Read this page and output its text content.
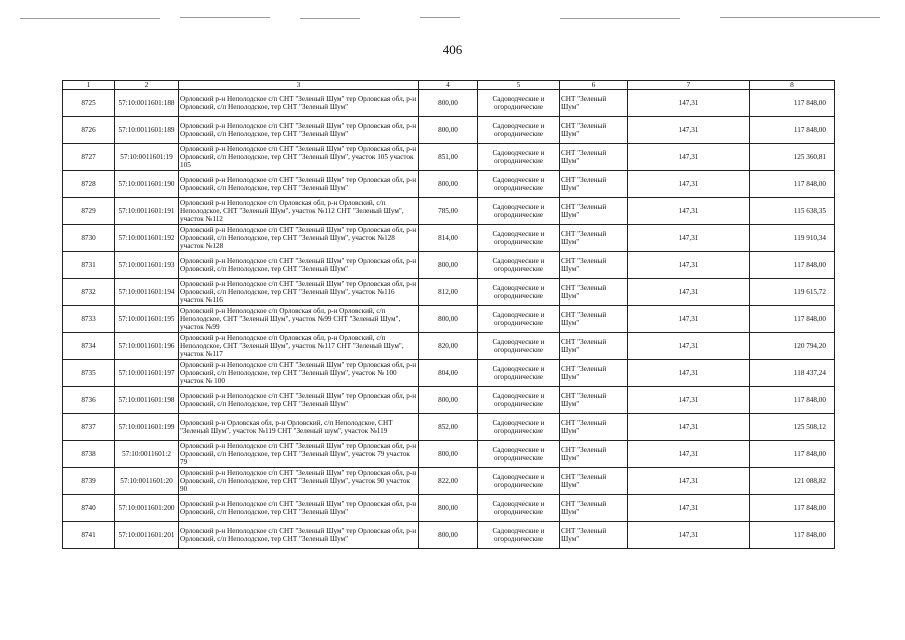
406
1	2	3	4	5	6	7	8
8725	57:10:0011601:188	Орловский р-н Неполодское с/п СНТ "Зеленый Шум" тер Орловская обл, р-н Орловский, с/п Неполодское, тер СНТ "Зеленый Шум"	800,00	Садоводческие и огороднические	СНТ "Зеленый Шум"	147,31	117 848,00
8726	57:10:0011601:189	Орловский р-н Неполодское с/п СНТ "Зеленый Шум" тер Орловская обл, р-н Орловский, с/п Неполодское, тер СНТ "Зеленый Шум"	800,00	Садоводческие и огороднические	СНТ "Зеленый Шум"	147,31	117 848,00
8727	57:10:0011601:19	Орловский р-н Неполодское с/п СНТ "Зеленый Шум" тер Орловская обл, р-н Орловский, с/п Неполодское, тер СНТ "Зеленый Шум", участок 105 участок 105	851,00	Садоводческие и огороднические	СНТ "Зеленый Шум"	147,31	125 360,81
8728	57:10:0011601:190	Орловский р-н Неполодское с/п СНТ "Зеленый Шум" тер Орловская обл, р-н Орловский, с/п Неполодское, тер СНТ "Зеленый Шум"	800,00	Садоводческие и огороднические	СНТ "Зеленый Шум"	147,31	117 848,00
8729	57:10:0011601:191	Орловский р-н Неполодское с/п Орловская обл, р-н Орловский, с/п Неполодское, СНТ "Зеленый Шум", участок №112 СНТ "Зеленый Шум", участок №112	785,00	Садоводческие и огороднические	СНТ "Зеленый Шум"	147,31	115 638,35
8730	57:10:0011601:192	Орловский р-н Неполодское с/п СНТ "Зеленый Шум" тер Орловская обл, р-н Орловский, с/п Неполодское, тер СНТ "Зеленый Шум", участок №128 участок №128	814,00	Садоводческие и огороднические	СНТ "Зеленый Шум"	147,31	119 910,34
8731	57:10:0011601:193	Орловский р-н Неполодское с/п СНТ "Зеленый Шум" тер Орловская обл, р-н Орловский, с/п Неполодское, тер СНТ "Зеленый Шум"	800,00	Садоводческие и огороднические	СНТ "Зеленый Шум"	147,31	117 848,00
8732	57:10:0011601:194	Орловский р-н Неполодское с/п СНТ "Зеленый Шум" тер Орловская обл, р-н Орловский, с/п Неполодское, тер СНТ "Зеленый Шум", участок №116 участок №116	812,00	Садоводческие и огороднические	СНТ "Зеленый Шум"	147,31	119 615,72
8733	57:10:0011601:195	Орловский р-н Неполодское с/п Орловская обл, р-н Орловский, с/п Неполодское, СНТ "Зеленый Шум", участок №99 СНТ "Зеленый Шум", участок №99	800,00	Садоводческие и огороднические	СНТ "Зеленый Шум"	147,31	117 848,00
8734	57:10:0011601:196	Орловский р-н Неполодское с/п Орловская обл, р-н Орловский, с/п Неполодское, СНТ "Зеленый Шум", участок №117 СНТ "Зеленый Шум", участок №117	820,00	Садоводческие и огороднические	СНТ "Зеленый Шум"	147,31	120 794,20
8735	57:10:0011601:197	Орловский р-н Неполодское с/п СНТ "Зеленый Шум" тер Орловская обл, р-н Орловский, с/п Неполодское, тер СНТ "Зеленый Шум", участок № 100 участок № 100	804,00	Садоводческие и огороднические	СНТ "Зеленый Шум"	147,31	118 437,24
8736	57:10:0011601:198	Орловский р-н Неполодское с/п СНТ "Зеленый Шум" тер Орловская обл, р-н Орловский, с/п Неполодское, тер СНТ "Зеленый Шум"	800,00	Садоводческие и огороднические	СНТ "Зеленый Шум"	147,31	117 848,00
8737	57:10:0011601:199	Орловский р-н Орловская обл, р-н Орловский, с/п Неполодское, СНТ "Зеленый Шум", участок №119 СНТ "Зеленый шум", участок №119	852,00	Садоводческие и огороднические	СНТ "Зеленый Шум"	147,31	125 508,12
8738	57:10:0011601:2	Орловский р-н Неполодское с/п СНТ "Зеленый Шум" тер Орловская обл, р-н Орловский, с/п Неполодское, тер СНТ "Зеленый Шум", участок 79 участок 79	800,00	Садоводческие и огороднические	СНТ "Зеленый Шум"	147,31	117 848,00
8739	57:10:0011601:20	Орловский р-н Неполодское с/п СНТ "Зеленый Шум" тер Орловская обл, р-н Орловский, с/п Неполодское, тер СНТ "Зеленый Шум", участок 90 участок 90	822,00	Садоводческие и огороднические	СНТ "Зеленый Шум"	147,31	121 088,82
8740	57:10:0011601:200	Орловский р-н Неполодское с/п СНТ "Зеленый Шум" тер Орловская обл, р-н Орловский, с/п Неполодское, тер СНТ "Зеленый Шум"	800,00	Садоводческие и огороднические	СНТ "Зеленый Шум"	147,31	117 848,00
8741	57:10:0011601:201	Орловский р-н Неполодское с/п СНТ "Зеленый Шум" тер Орловская обл, р-н Орловский, с/п Неполодское, тер СНТ "Зеленый Шум"	800,00	Садоводческие и огороднические	СНТ "Зеленый Шум"	147,31	117 848,00
